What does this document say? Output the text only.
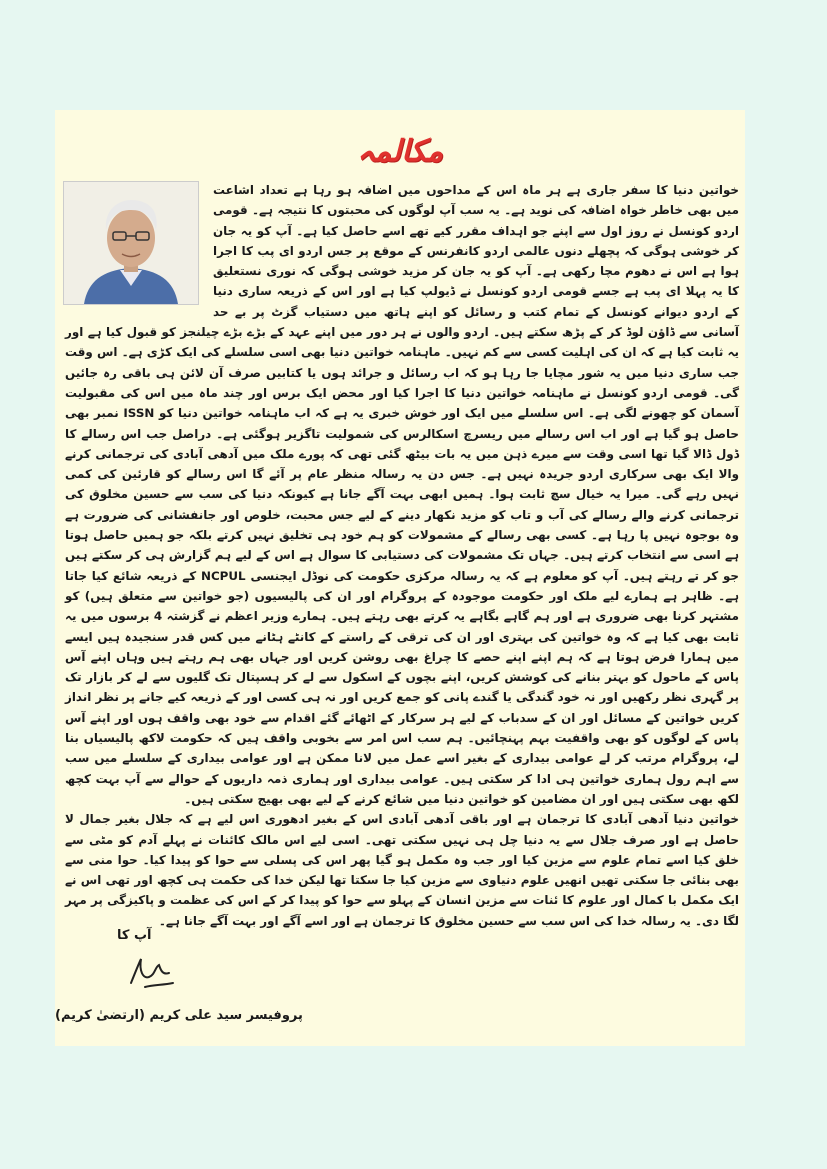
مکالمہ

خواتین دنیا کا سفر جاری ہے ہر ماہ اس کے مداحوں میں اضافہ ہو رہا ہے تعداد اشاعت میں بھی خاطر خواہ اضافہ کی نوید ہے۔ یہ سب آپ لوگوں کی محبتوں کا نتیجہ ہے۔ قومی اردو کونسل نے روز اول سے اپنے جو اہداف مقرر کیے تھے اسے حاصل کیا ہے۔ آپ کو یہ جان کر خوشی ہوگی کہ پچھلے دنوں عالمی اردو کانفرنس کے موقع پر جس اردو ای پب کا اجرا ہوا ہے اس نے دھوم مچا رکھی ہے۔ آپ کو یہ جان کر مزید خوشی ہوگی کہ نوری نستعلیق کا یہ پہلا ای پب ہے جسے قومی اردو کونسل نے ڈیولپ کیا ہے اور اس کے ذریعہ ساری دنیا کے اردو دیوانے کونسل کے تمام کتب و رسائل کو اپنے ہاتھ میں دستیاب گزٹ پر بے حد آسانی سے ڈاؤن لوڈ کر کے پڑھ سکتے ہیں۔ اردو والوں نے ہر دور میں اپنے عہد کے بڑے بڑے چیلنجز کو قبول کیا ہے اور یہ ثابت کیا ہے کہ ان کی اہلیت کسی سے کم نہیں۔ ماہنامہ خواتین دنیا بھی اسی سلسلے کی ایک کڑی ہے۔ اس وقت جب ساری دنیا میں یہ شور مچایا جا رہا ہو کہ اب رسائل و جرائد ہوں یا کتابیں صرف آن لائن ہی باقی رہ جائیں گی۔ قومی اردو کونسل نے ماہنامہ خواتین دنیا کا اجرا کیا اور محض ایک برس اور چند ماہ میں اس کی مقبولیت آسمان کو چھونے لگی ہے۔ اس سلسلے میں ایک اور خوش خبری یہ ہے کہ اب ماہنامہ خواتین دنیا کو ISSN نمبر بھی حاصل ہو گیا ہے اور اب اس رسالے میں ریسرچ اسکالرس کی شمولیت تاگزیر ہوگئی ہے۔ دراصل جب اس رسالے کا ڈول ڈالا گیا تھا اسی وقت سے میرے ذہن میں یہ بات بیٹھ گئی تھی کہ پورے ملک میں آدھی آبادی کی ترجمانی کرنے والا ایک بھی سرکاری اردو جریدہ نہیں ہے۔ جس دن یہ رسالہ منظر عام پر آئے گا اس رسالے کو قارئین کی کمی نہیں رہے گی۔ میرا یہ خیال سچ ثابت ہوا۔ ہمیں ابھی بہت آگے جانا ہے کیونکہ دنیا کی سب سے حسین مخلوق کی ترجمانی کرنے والے رسالے کی آب و تاب کو مزید نکھار دینے کے لیے جس محبت، خلوص اور جانفشانی کی ضرورت ہے وہ بوجوہ نہیں پا رہا ہے۔ کسی بھی رسالے کے مشمولات کو ہم خود ہی تخلیق نہیں کرتے بلکہ جو ہمیں حاصل ہوتا ہے اسی سے انتخاب کرتے ہیں۔ جہاں تک مشمولات کی دستیابی کا سوال ہے اس کے لیے ہم گزارش ہی کر سکتے ہیں جو کر تے رہتے ہیں۔ آپ کو معلوم ہے کہ یہ رسالہ مرکزی حکومت کی نوڈل ایجنسی NCPUL کے ذریعہ شائع کیا جاتا ہے۔ ظاہر ہے ہمارے لیے ملک اور حکومت موجودہ کے پروگرام اور ان کی پالیسیوں (جو خواتین سے متعلق ہیں) کو مشتہر کرنا بھی ضروری ہے اور ہم گاہے بگاہے یہ کرتے بھی رہتے ہیں۔ ہمارے وزیر اعظم نے گزشتہ 4 برسوں میں یہ ثابت بھی کیا ہے کہ وہ خواتین کی بہتری اور ان کی ترقی کے راستے کے کانٹے ہٹانے میں کس قدر سنجیدہ ہیں ایسے میں ہمارا فرض ہوتا ہے کہ ہم اپنے اپنے حصے کا چراغ بھی روشن کریں اور جہاں بھی ہم رہتے ہیں وہاں اپنے آس پاس کے ماحول کو بہتر بنانے کی کوشش کریں، اپنے بچوں کے اسکول سے لے کر ہسپتال تک گلیوں سے لے کر بازار تک پر گہری نظر رکھیں اور نہ خود گندگی یا گندے پانی کو جمع کریں اور نہ ہی کسی اور کے ذریعہ کیے جانے پر نظر انداز کریں خواتین کے مسائل اور ان کے سدباب کے لیے ہر سرکار کے اٹھائے گئے اقدام سے خود بھی واقف ہوں اور اپنے آس پاس کے لوگوں کو بھی واقفیت بہم پہنچائیں۔ ہم سب اس امر سے بخوبی واقف ہیں کہ حکومت لاکھ پالیسیاں بنا لے، پروگرام مرتب کر لے عوامی بیداری کے بغیر اسے عمل میں لانا ممکن ہے اور عوامی بیداری کے سلسلے میں سب سے اہم رول ہماری خواتین ہی ادا کر سکتی ہیں۔ عوامی بیداری اور ہماری ذمہ داریوں کے حوالے سے آپ بہت کچھ لکھ بھی سکتی ہیں اور ان مضامین کو خواتین دنیا میں شائع کرنے کے لیے بھی بھیج سکتی ہیں۔

خواتین دنیا آدھی آبادی کا ترجمان ہے اور باقی آدھی آبادی اس کے بغیر ادھوری اس لیے ہے کہ جلال بغیر جمال لا حاصل ہے اور صرف جلال سے یہ دنیا چل ہی نہیں سکتی تھی۔ اسی لیے اس مالک کائنات نے پہلے آدم کو مٹی سے خلق کیا اسے تمام علوم سے مزین کیا اور جب وہ مکمل ہو گیا پھر اس کی پسلی سے حوا کو پیدا کیا۔ حوا منی سے بھی بنائی جا سکتی تھیں انھیں علوم دنیاوی سے مزین کیا جا سکتا تھا لیکن خدا کی حکمت ہی کچھ اور تھی اس نے ایک مکمل با کمال اور علوم کا ئنات سے مزین انسان کے پہلو سے حوا کو پیدا کر کے اس کی عظمت و پاکیزگی پر مہر لگا دی۔ یہ رسالہ خدا کی اس سب سے حسین مخلوق کا ترجمان ہے اور اسے آگے اور بہت آگے جانا ہے۔

آپ کا
پروفیسر سید علی کریم (ارتضیٰ کریم)
